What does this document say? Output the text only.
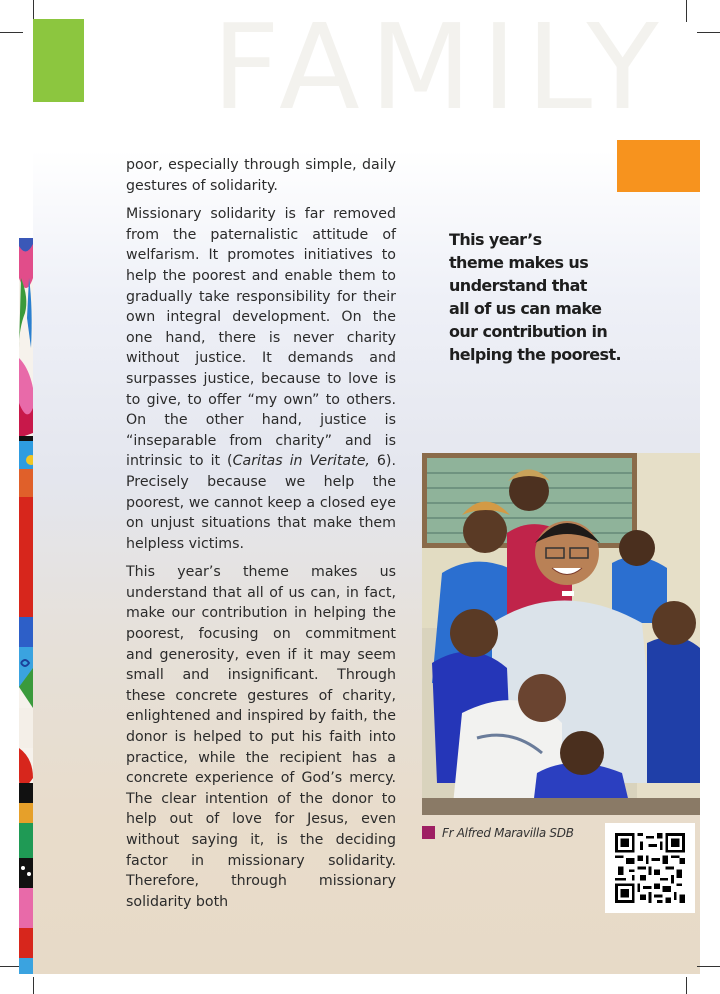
FAMILY

poor, especially through simple, daily gestures of solidarity.

Missionary solidarity is far removed from the paternalistic attitude of welfarism. It promotes initiatives to help the poorest and enable them to gradually take responsibility for their own integral development. On the one hand, there is never charity without justice. It demands and surpasses justice, because to love is to give, to offer “my own” to others. On the other hand, justice is “inseparable from charity” and is intrinsic to it (Caritas in Veritate, 6). Precisely because we help the poorest, we cannot keep a closed eye on unjust situations that make them helpless victims.

This year’s theme makes us understand that all of us can, in fact, make our contribution in helping the poorest, focusing on commitment and generosity, even if it may seem small and insignificant. Through these concrete gestures of charity, enlightened and inspired by faith, the donor is helped to put his faith into practice, while the recipient has a concrete experience of God’s mercy. The clear intention of the donor to help out of love for Jesus, even without saying it, is the deciding factor in missionary solidarity. Therefore, through missionary solidarity both

This year’s
theme makes us
understand that
all of us can make
our contribution in
helping the poorest.
Fr Alfred Maravilla SDB
